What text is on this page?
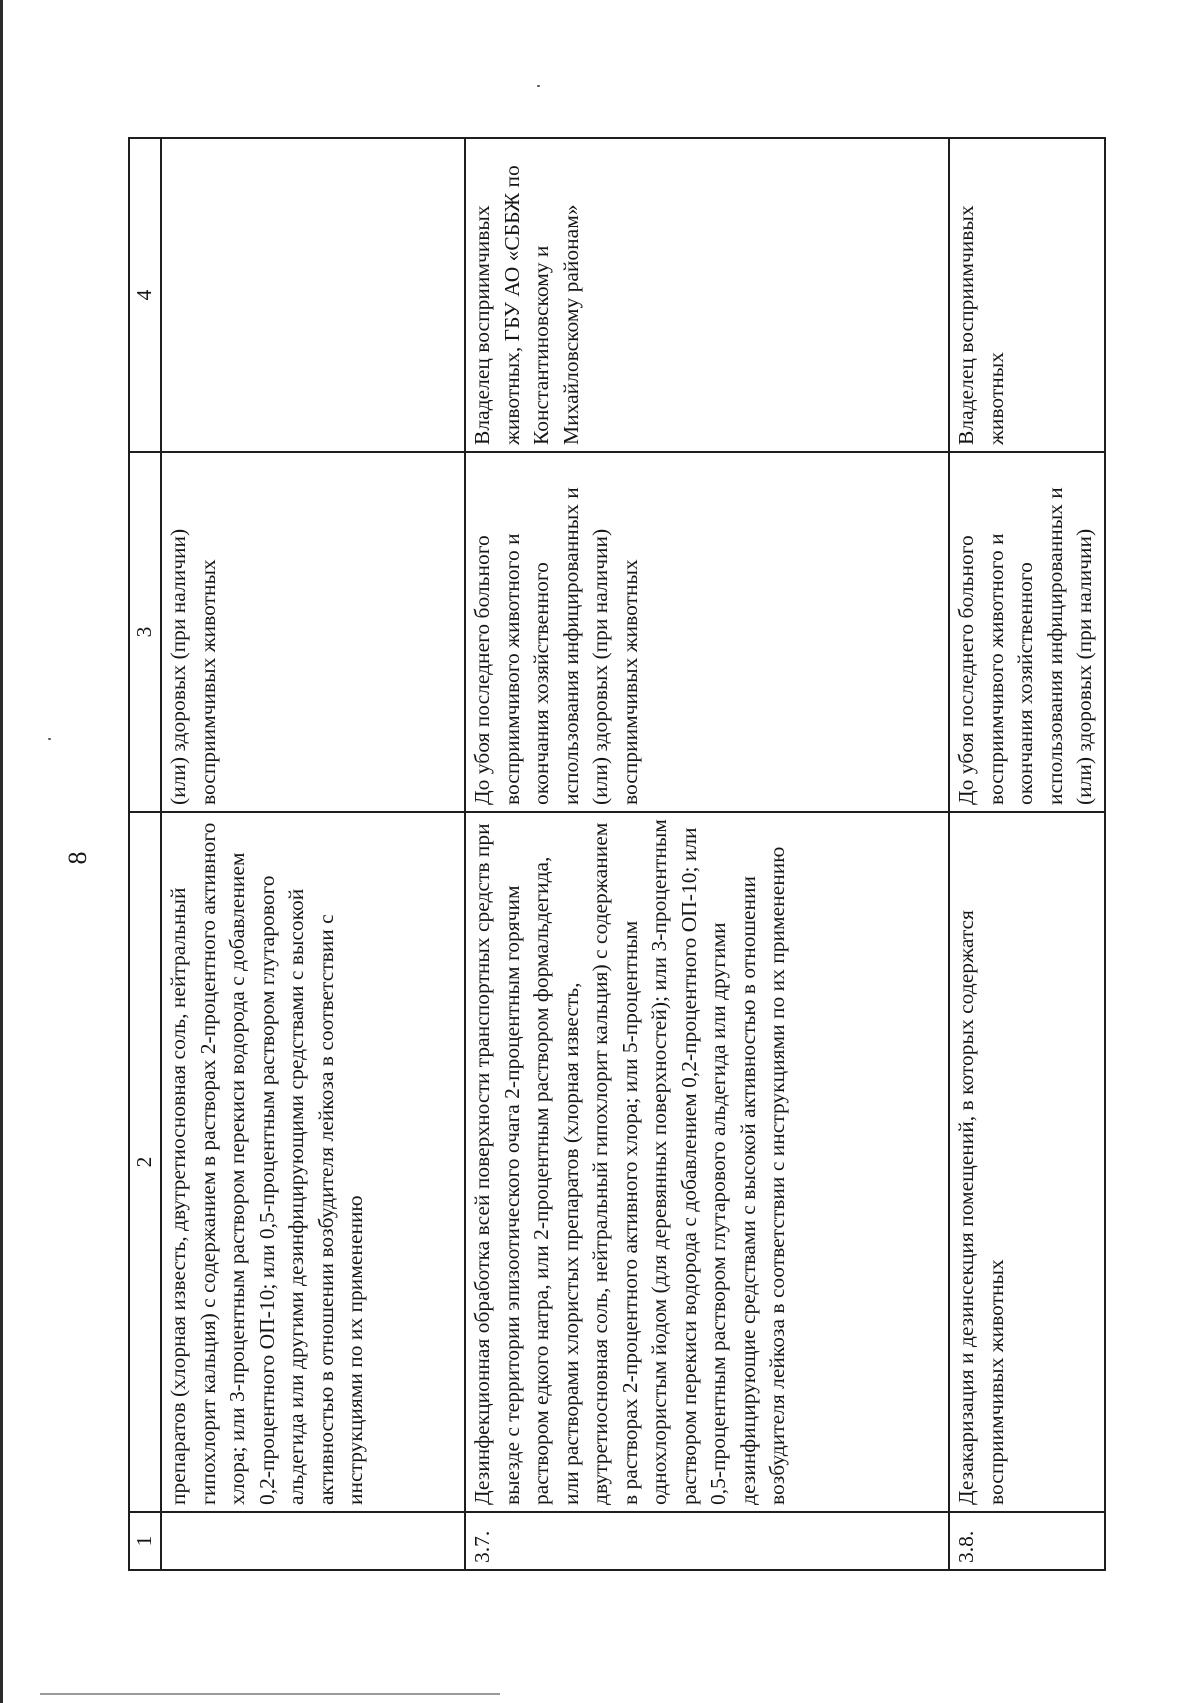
8
1	2	3	4
	препаратов (хлорная известь, двутретиосновная соль, нейтральный гипохлорит кальция) с содержанием в растворах 2-процентного активного хлора; или 3-процентным раствором перекиси водорода с добавлением 0,2-процентного ОП-10; или 0,5-процентным раствором глутарового альдегида или другими дезинфицирующими средствами с высокой активностью в отношении возбудителя лейкоза в соответствии с инструкциями по их применению	(или) здоровых (при наличии) восприимчивых животных	
3.7.	Дезинфекционная обработка всей поверхности транспортных средств при выезде с территории эпизоотического очага 2-процентным горячим раствором едкого натра, или 2-процентным раствором формальдегида, или растворами хлористых препаратов (хлорная известь, двутретиосновная соль, нейтральный гипохлорит кальция) с содержанием в растворах 2-процентного активного хлора; или 5-процентным однохлористым йодом (для деревянных поверхностей); или 3-процентным раствором перекиси водорода с добавлением 0,2-процентного ОП-10; или 0,5-процентным раствором глутарового альдегида или другими дезинфицирующие средствами с высокой активностью в отношении возбудителя лейкоза в соответствии с инструкциями по их применению	До убоя последнего больного восприимчивого животного и окончания хозяйственного использования инфицированных и (или) здоровых (при наличии) восприимчивых животных	Владелец восприимчивых животных, ГБУ АО «СББЖ по Константиновскому и Михайловскому районам»
3.8.	Дезакаризация и дезинсекция помещений, в которых содержатся восприимчивых животных	До убоя последнего больного восприимчивого животного и окончания хозяйственного использования инфицированных и (или) здоровых (при наличии)	Владелец восприимчивых животных
